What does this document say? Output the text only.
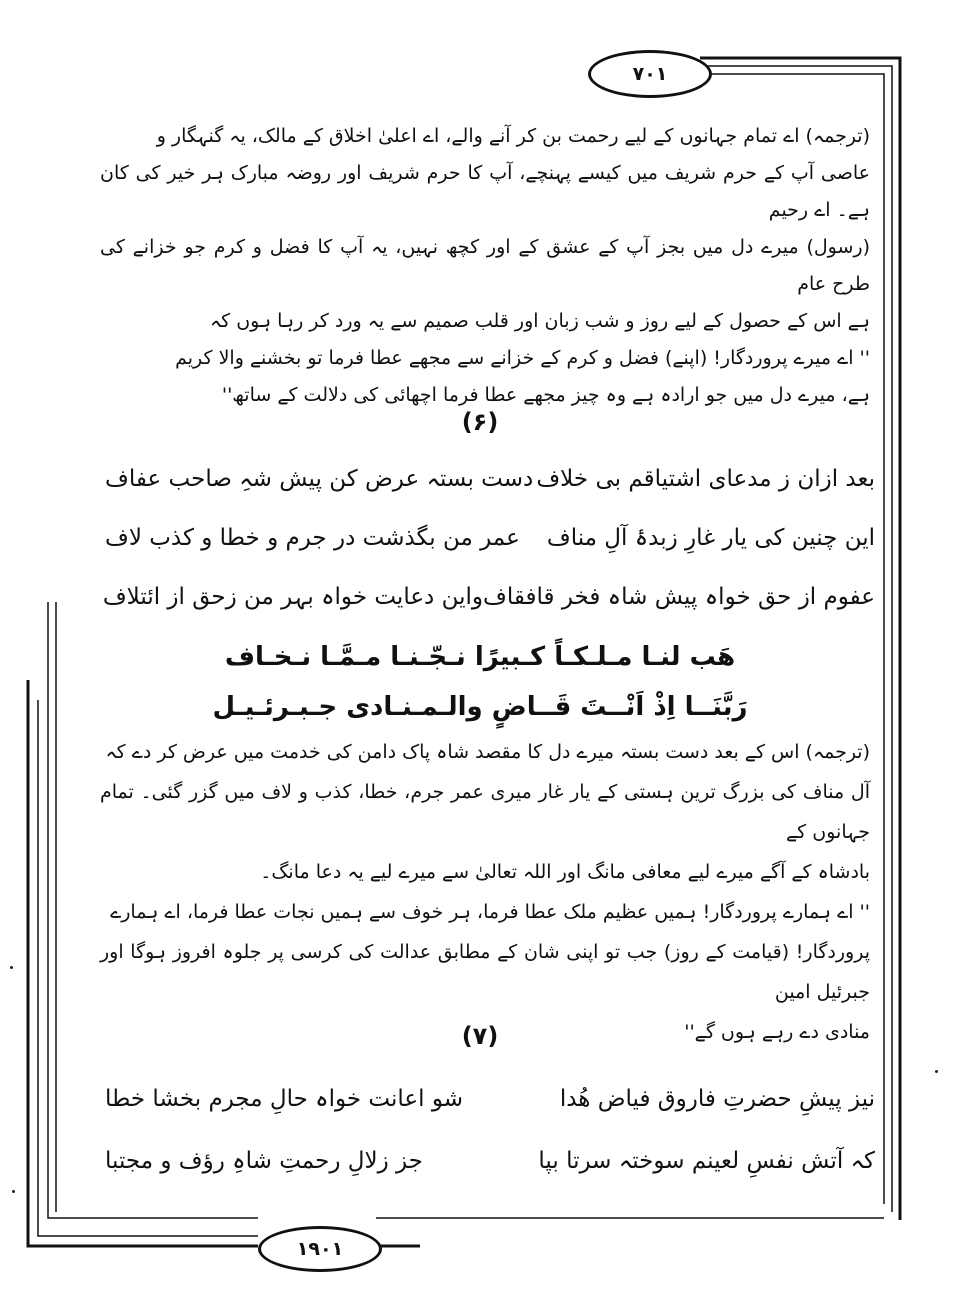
۷۰۱

(ترجمہ) اے تمام جہانوں کے لیے رحمت بن کر آنے والے، اے اعلیٰ اخلاق کے مالک، یہ گنہگار و

عاصی آپ کے حرم شریف میں کیسے پہنچے، آپ کا حرم شریف اور روضہ مبارک ہر خیر کی کان ہے۔ اے رحیم

(رسول) میرے دل میں بجز آپ کے عشق کے اور کچھ نہیں، یہ آپ کا فضل و کرم جو خزانے کی طرح عام

ہے اس کے حصول کے لیے روز و شب زبان اور قلب صمیم سے یہ ورد کر رہا ہوں کہ

'' اے میرے پروردگار! (اپنے) فضل و کرم کے خزانے سے مجھے عطا فرما تو بخشنے والا کریم

ہے، میرے دل میں جو ارادہ ہے وہ چیز مجھے عطا فرما اچھائی کی دلالت کے ساتھ''

(۶)
بعد ازان ز مدعای اشتیاقم بی خلاف
دست بستہ عرض کن پیش شہِ صاحب عفاف
این چنین کی یار غارِ زبدۂ آلِ مناف
عمر من بگذشت در جرم و خطا و کذب لاف
عفوم از حق خواہ پیش شاہ فخر قافقاف
واین دعایت خواہ بہر من زحق از ائتلاف
هَب لنـا مـلـكـاً كـبيرًا نـجّـنـا مـمَّـا نـخـاف
رَبَّنَــا اِذْ اَنْــتَ قَــاضٍ والـمـنـادى جـبـرئـيـل

(ترجمہ) اس کے بعد دست بستہ میرے دل کا مقصد شاہ پاک دامن کی خدمت میں عرض کر دے کہ

آل مناف کی بزرگ ترین ہستی کے یار غار میری عمر جرم، خطا، کذب و لاف میں گزر گئی۔ تمام جہانوں کے

بادشاہ کے آگے میرے لیے معافی مانگ اور اللہ تعالیٰ سے میرے لیے یہ دعا مانگ۔

'' اے ہمارے پروردگار! ہمیں عظیم ملک عطا فرما، ہر خوف سے ہمیں نجات عطا فرما، اے ہمارے

پروردگار! (قیامت کے روز) جب تو اپنی شان کے مطابق عدالت کی کرسی پر جلوہ افروز ہوگا اور جبرئیل امین

منادی دے رہے ہوں گے''

(۷)
نیز پیشِ حضرتِ فاروق فیاض ھُدا
شو اعانت خواہ حالِ مجرم بخشا خطا
کہ آتش نفسِ لعینم سوختہ سرتا بپا
جز زلالِ رحمتِ شاہِ رؤف و مجتبا
۱۹۰۱
